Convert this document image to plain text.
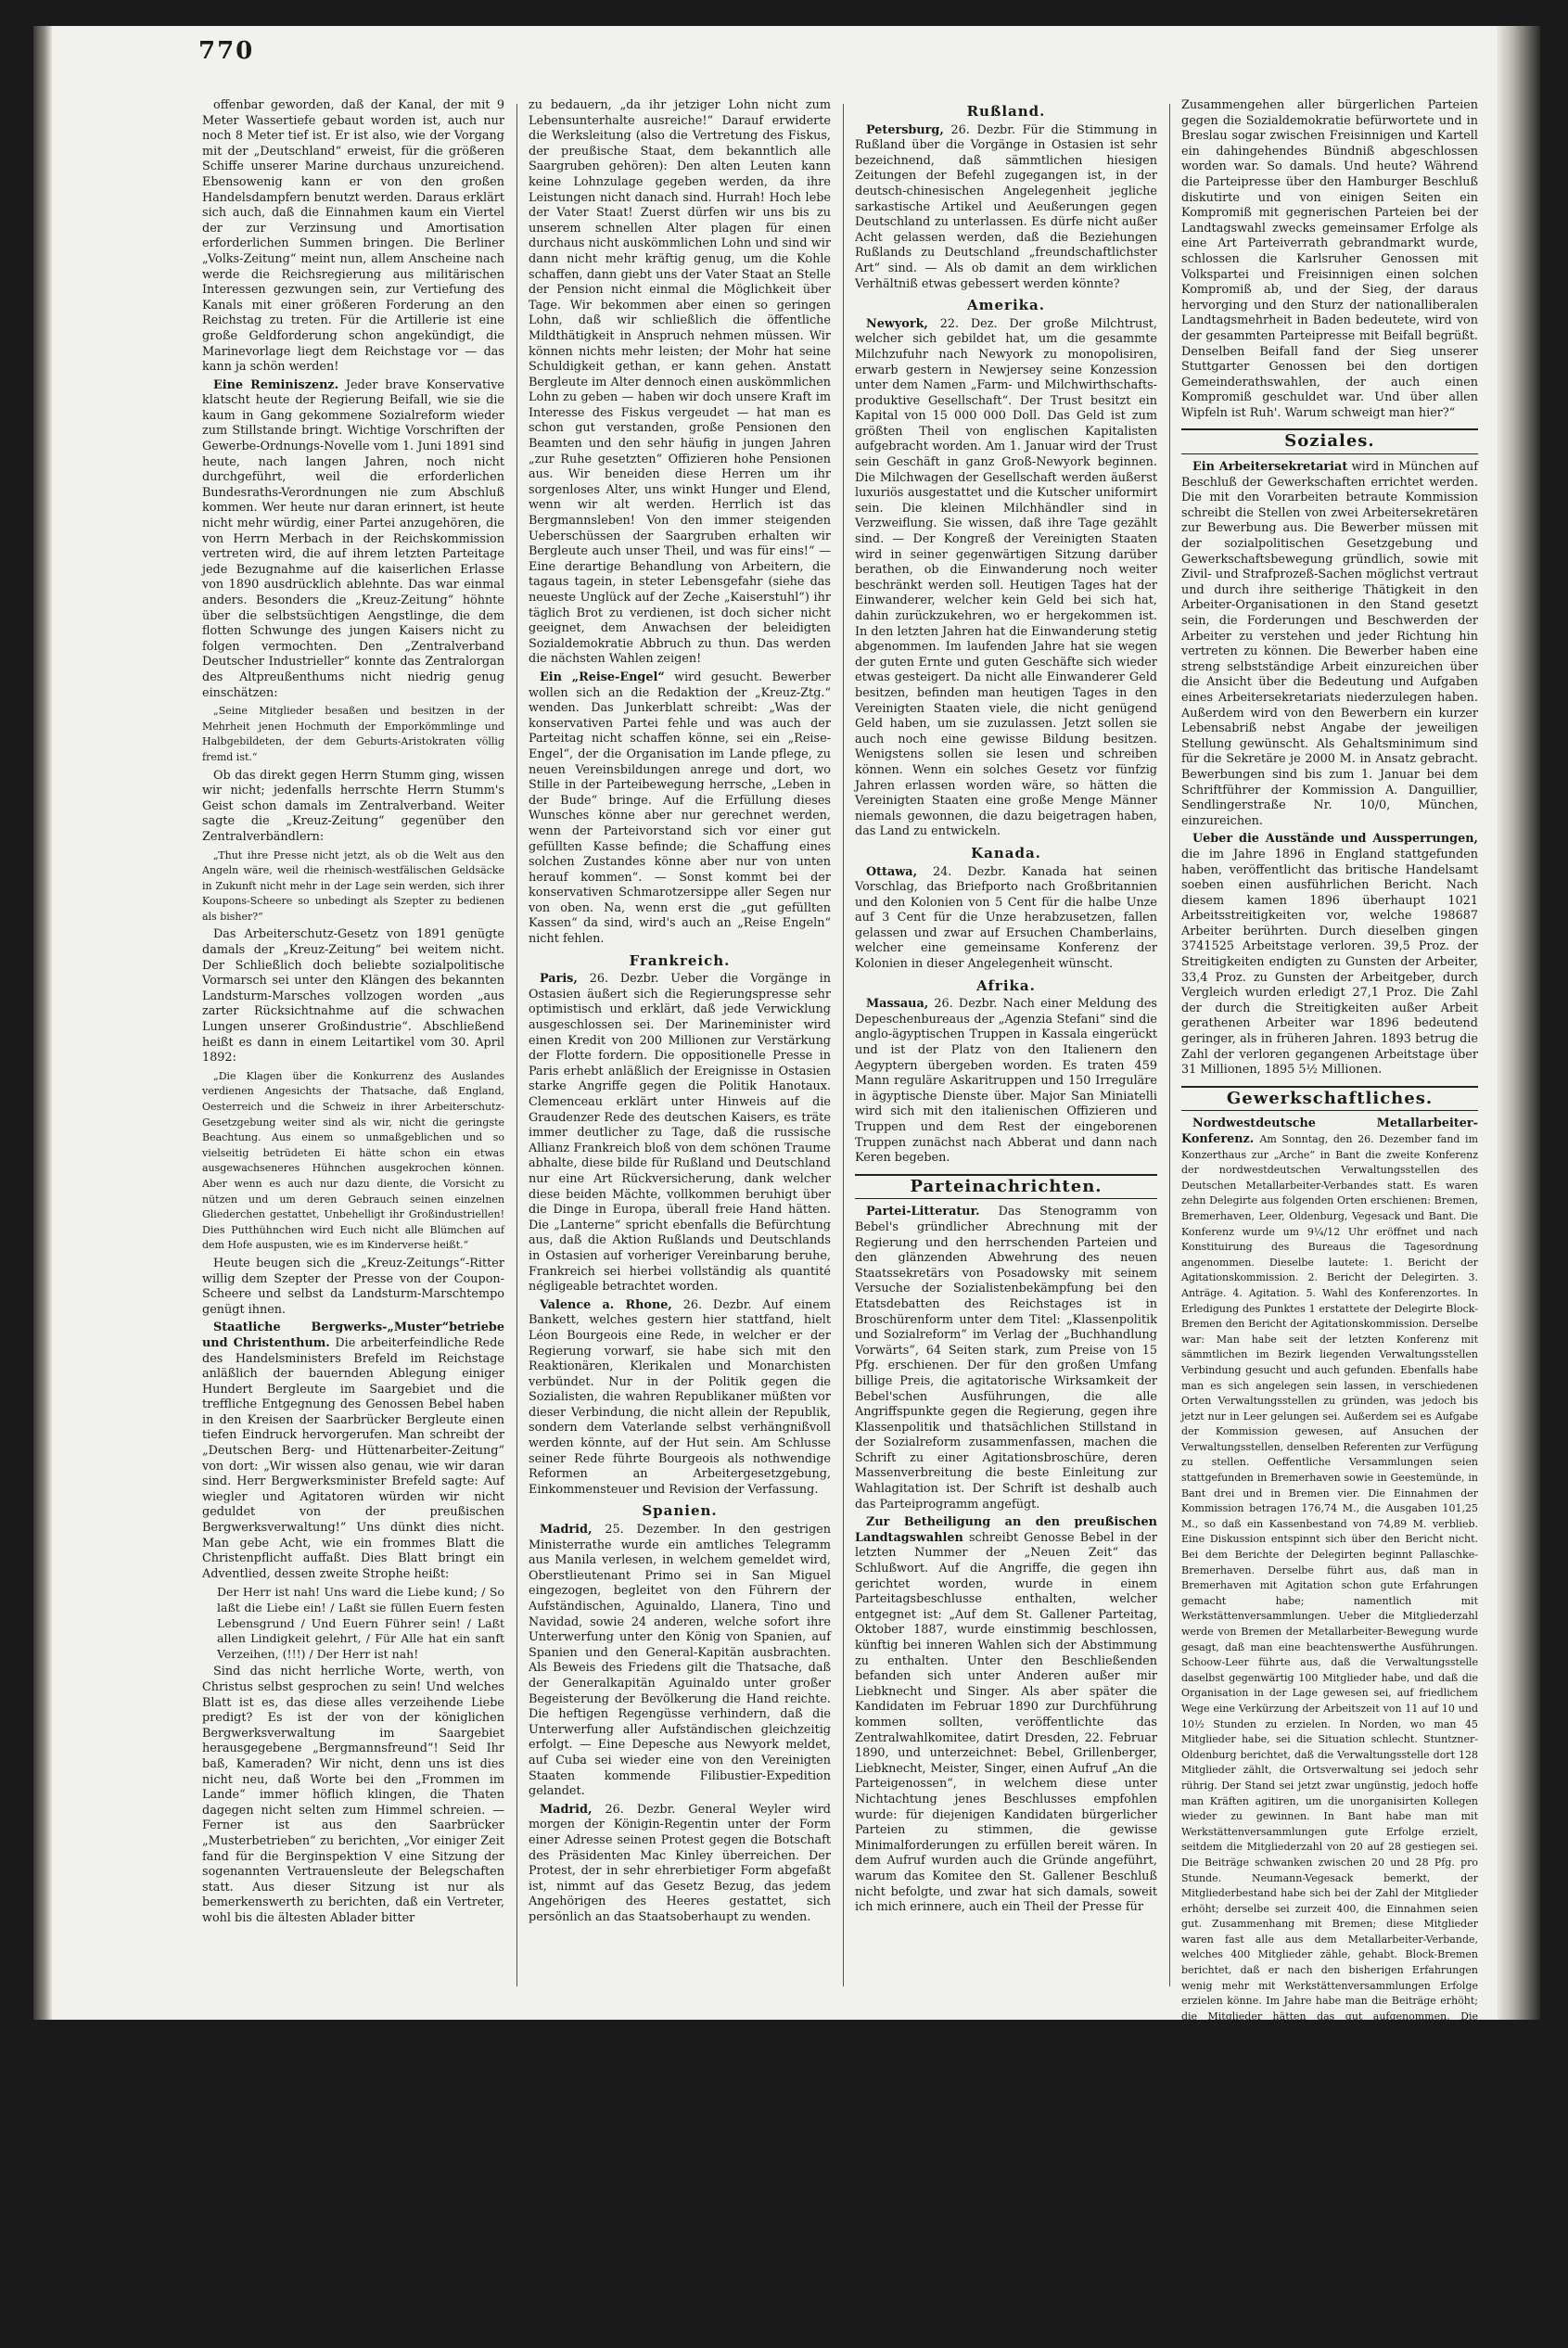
770

offenbar geworden, daß der Kanal, der mit 9 Meter Wassertiefe gebaut worden ist, auch nur noch 8 Meter tief ist. Er ist also, wie der Vorgang mit der „Deutschland“ erweist, für die größeren Schiffe unserer Marine durchaus unzureichend. Ebensowenig kann er von den großen Handelsdampfern benutzt werden. Daraus erklärt sich auch, daß die Einnahmen kaum ein Viertel der zur Verzinsung und Amortisation erforderlichen Summen bringen. Die Berliner „Volks-Zeitung“ meint nun, allem Anscheine nach werde die Reichsregierung aus militärischen Interessen gezwungen sein, zur Vertiefung des Kanals mit einer größeren Forderung an den Reichstag zu treten. Für die Artillerie ist eine große Geldforderung schon angekündigt, die Marinevorlage liegt dem Reichstage vor — das kann ja schön werden!

Eine Reminiszenz. Jeder brave Konservative klatscht heute der Regierung Beifall, wie sie die kaum in Gang gekommene Sozialreform wieder zum Stillstande bringt. Wichtige Vorschriften der Gewerbe-Ordnungs-Novelle vom 1. Juni 1891 sind heute, nach langen Jahren, noch nicht durchgeführt, weil die erforderlichen Bundesraths-Verordnungen nie zum Abschluß kommen. Wer heute nur daran erinnert, ist heute nicht mehr würdig, einer Partei anzugehören, die von Herrn Merbach in der Reichskommission vertreten wird, die auf ihrem letzten Parteitage jede Bezugnahme auf die kaiserlichen Erlasse von 1890 ausdrücklich ablehnte. Das war einmal anders. Besonders die „Kreuz-Zeitung“ höhnte über die selbstsüchtigen Aengstlinge, die dem flotten Schwunge des jungen Kaisers nicht zu folgen vermochten. Den „Zentralverband Deutscher Industrieller“ konnte das Zentralorgan des Altpreußenthums nicht niedrig genug einschätzen:

„Seine Mitglieder besaßen und besitzen in der Mehrheit jenen Hochmuth der Emporkömmlinge und Halbgebildeten, der dem Geburts-Aristokraten völlig fremd ist.“

Ob das direkt gegen Herrn Stumm ging, wissen wir nicht; jedenfalls herrschte Herrn Stumm's Geist schon damals im Zentralverband. Weiter sagte die „Kreuz-Zeitung“ gegenüber den Zentralverbändlern:

„Thut ihre Presse nicht jetzt, als ob die Welt aus den Angeln wäre, weil die rheinisch-westfälischen Geldsäcke in Zukunft nicht mehr in der Lage sein werden, sich ihrer Koupons-Scheere so unbedingt als Szepter zu bedienen als bisher?“

Das Arbeiterschutz-Gesetz von 1891 genügte damals der „Kreuz-Zeitung“ bei weitem nicht. Der Schließlich doch beliebte sozialpolitische Vormarsch sei unter den Klängen des bekannten Landsturm-Marsches vollzogen worden „aus zarter Rücksichtnahme auf die schwachen Lungen unserer Großindustrie“. Abschließend heißt es dann in einem Leitartikel vom 30. April 1892:

„Die Klagen über die Konkurrenz des Auslandes verdienen Angesichts der Thatsache, daß England, Oesterreich und die Schweiz in ihrer Arbeiterschutz-Gesetzgebung weiter sind als wir, nicht die geringste Beachtung. Aus einem so unmaßgeblichen und so vielseitig betrüdeten Ei hätte schon ein etwas ausgewachseneres Hühnchen ausgekrochen können. Aber wenn es auch nur dazu diente, die Vorsicht zu nützen und um deren Gebrauch seinen einzelnen Gliederchen gestattet, Unbehelligt ihr Großindustriellen! Dies Putthühnchen wird Euch nicht alle Blümchen auf dem Hofe auspusten, wie es im Kinderverse heißt.“

Heute beugen sich die „Kreuz-Zeitungs“-Ritter willig dem Szepter der Presse von der Coupon-Scheere und selbst da Landsturm-Marschtempo genügt ihnen.

Staatliche Bergwerks-„Muster“betriebe und Christenthum. Die arbeiterfeindliche Rede des Handelsministers Brefeld im Reichstage anläßlich der bauernden Ablegung einiger Hundert Bergleute im Saargebiet und die treffliche Entgegnung des Genossen Bebel haben in den Kreisen der Saarbrücker Bergleute einen tiefen Eindruck hervorgerufen. Man schreibt der „Deutschen Berg- und Hüttenarbeiter-Zeitung“ von dort: „Wir wissen also genau, wie wir daran sind. Herr Bergwerksminister Brefeld sagte: Auf wiegler und Agitatoren würden wir nicht geduldet von der preußischen Bergwerksverwaltung!“ Uns dünkt dies nicht. Man gebe Acht, wie ein frommes Blatt die Christenpflicht auffaßt. Dies Blatt bringt ein Adventlied, dessen zweite Strophe heißt:

Der Herr ist nah! Uns ward die Liebe kund; / So laßt die Liebe ein! / Laßt sie füllen Euern festen Lebensgrund / Und Euern Führer sein! / Laßt allen Lindigkeit gelehrt, / Für Alle hat ein sanft Verzeihen, (!!!) / Der Herr ist nah!

Sind das nicht herrliche Worte, werth, von Christus selbst gesprochen zu sein! Und welches Blatt ist es, das diese alles verzeihende Liebe predigt? Es ist der von der königlichen Bergwerksverwaltung im Saargebiet herausgegebene „Bergmannsfreund“! Seid Ihr baß, Kameraden? Wir nicht, denn uns ist dies nicht neu, daß Worte bei den „Frommen im Lande“ immer höflich klingen, die Thaten dagegen nicht selten zum Himmel schreien. — Ferner ist aus den Saarbrücker „Musterbetrieben“ zu berichten, „Vor einiger Zeit fand für die Berginspektion V eine Sitzung der sogenannten Vertrauensleute der Belegschaften statt. Aus dieser Sitzung ist nur als bemerkenswerth zu berichten, daß ein Vertreter, wohl bis die ältesten Ablader bitter

zu bedauern, „da ihr jetziger Lohn nicht zum Lebensunterhalte ausreiche!“ Darauf erwiderte die Werksleitung (also die Vertretung des Fiskus, der preußische Staat, dem bekanntlich alle Saargruben gehören): Den alten Leuten kann keine Lohnzulage gegeben werden, da ihre Leistungen nicht danach sind. Hurrah! Hoch lebe der Vater Staat! Zuerst dürfen wir uns bis zu unserem schnellen Alter plagen für einen durchaus nicht auskömmlichen Lohn und sind wir dann nicht mehr kräftig genug, um die Kohle schaffen, dann giebt uns der Vater Staat an Stelle der Pension nicht einmal die Möglichkeit über Tage. Wir bekommen aber einen so geringen Lohn, daß wir schließlich die öffentliche Mildthätigkeit in Anspruch nehmen müssen. Wir können nichts mehr leisten; der Mohr hat seine Schuldigkeit gethan, er kann gehen. Anstatt Bergleute im Alter dennoch einen auskömmlichen Lohn zu geben — haben wir doch unsere Kraft im Interesse des Fiskus vergeudet — hat man es schon gut verstanden, große Pensionen den Beamten und den sehr häufig in jungen Jahren „zur Ruhe gesetzten“ Offizieren hohe Pensionen aus. Wir beneiden diese Herren um ihr sorgenloses Alter, uns winkt Hunger und Elend, wenn wir alt werden. Herrlich ist das Bergmannsleben! Von den immer steigenden Ueberschüssen der Saargruben erhalten wir Bergleute auch unser Theil, und was für eins!“ — Eine derartige Behandlung von Arbeitern, die tagaus tagein, in steter Lebensgefahr (siehe das neueste Unglück auf der Zeche „Kaiserstuhl“) ihr täglich Brot zu verdienen, ist doch sicher nicht geeignet, dem Anwachsen der beleidigten Sozialdemokratie Abbruch zu thun. Das werden die nächsten Wahlen zeigen!

Ein „Reise-Engel“ wird gesucht. Bewerber wollen sich an die Redaktion der „Kreuz-Ztg.“ wenden. Das Junkerblatt schreibt: „Was der konservativen Partei fehle und was auch der Parteitag nicht schaffen könne, sei ein „Reise-Engel“, der die Organisation im Lande pflege, zu neuen Vereinsbildungen anrege und dort, wo Stille in der Parteibewegung herrsche, „Leben in der Bude“ bringe. Auf die Erfüllung dieses Wunsches könne aber nur gerechnet werden, wenn der Parteivorstand sich vor einer gut gefüllten Kasse befinde; die Schaffung eines solchen Zustandes könne aber nur von unten herauf kommen“. — Sonst kommt bei der konservativen Schmarotzersippe aller Segen nur von oben. Na, wenn erst die „gut gefüllten Kassen“ da sind, wird's auch an „Reise Engeln“ nicht fehlen.

Frankreich.

Paris, 26. Dezbr. Ueber die Vorgänge in Ostasien äußert sich die Regierungspresse sehr optimistisch und erklärt, daß jede Verwicklung ausgeschlossen sei. Der Marineminister wird einen Kredit von 200 Millionen zur Verstärkung der Flotte fordern. Die oppositionelle Presse in Paris erhebt anläßlich der Ereignisse in Ostasien starke Angriffe gegen die Politik Hanotaux. Clemenceau erklärt unter Hinweis auf die Graudenzer Rede des deutschen Kaisers, es träte immer deutlicher zu Tage, daß die russische Allianz Frankreich bloß von dem schönen Traume abhalte, diese bilde für Rußland und Deutschland nur eine Art Rückversicherung, dank welcher diese beiden Mächte, vollkommen beruhigt über die Dinge in Europa, überall freie Hand hätten. Die „Lanterne“ spricht ebenfalls die Befürchtung aus, daß die Aktion Rußlands und Deutschlands in Ostasien auf vorheriger Vereinbarung beruhe, Frankreich sei hierbei vollständig als quantité négligeable betrachtet worden.

Valence a. Rhone, 26. Dezbr. Auf einem Bankett, welches gestern hier stattfand, hielt Léon Bourgeois eine Rede, in welcher er der Regierung vorwarf, sie habe sich mit den Reaktionären, Klerikalen und Monarchisten verbündet. Nur in der Politik gegen die Sozialisten, die wahren Republikaner müßten vor dieser Verbindung, die nicht allein der Republik, sondern dem Vaterlande selbst verhängnißvoll werden könnte, auf der Hut sein. Am Schlusse seiner Rede führte Bourgeois als nothwendige Reformen an Arbeitergesetzgebung, Einkommensteuer und Revision der Verfassung.

Spanien.

Madrid, 25. Dezember. In den gestrigen Ministerrathe wurde ein amtliches Telegramm aus Manila verlesen, in welchem gemeldet wird, Oberstlieutenant Primo sei in San Miguel eingezogen, begleitet von den Führern der Aufständischen, Aguinaldo, Llanera, Tino und Navidad, sowie 24 anderen, welche sofort ihre Unterwerfung unter den König von Spanien, auf Spanien und den General-Kapitän ausbrachten. Als Beweis des Friedens gilt die Thatsache, daß der Generalkapitän Aguinaldo unter großer Begeisterung der Bevölkerung die Hand reichte. Die heftigen Regengüsse verhindern, daß die Unterwerfung aller Aufständischen gleichzeitig erfolgt. — Eine Depesche aus Newyork meldet, auf Cuba sei wieder eine von den Vereinigten Staaten kommende Filibustier-Expedition gelandet.

Madrid, 26. Dezbr. General Weyler wird morgen der Königin-Regentin unter der Form einer Adresse seinen Protest gegen die Botschaft des Präsidenten Mac Kinley überreichen. Der Protest, der in sehr ehrerbietiger Form abgefaßt ist, nimmt auf das Gesetz Bezug, das jedem Angehörigen des Heeres gestattet, sich persönlich an das Staatsoberhaupt zu wenden.

Rußland.

Petersburg, 26. Dezbr. Für die Stimmung in Rußland über die Vorgänge in Ostasien ist sehr bezeichnend, daß sämmtlichen hiesigen Zeitungen der Befehl zugegangen ist, in der deutsch-chinesischen Angelegenheit jegliche sarkastische Artikel und Aeußerungen gegen Deutschland zu unterlassen. Es dürfe nicht außer Acht gelassen werden, daß die Beziehungen Rußlands zu Deutschland „freundschaftlichster Art“ sind. — Als ob damit an dem wirklichen Verhältniß etwas gebessert werden könnte?

Amerika.

Newyork, 22. Dez. Der große Milchtrust, welcher sich gebildet hat, um die gesammte Milchzufuhr nach Newyork zu monopolisiren, erwarb gestern in Newjersey seine Konzession unter dem Namen „Farm- und Milchwirthschafts-produktive Gesellschaft“. Der Trust besitzt ein Kapital von 15 000 000 Doll. Das Geld ist zum größten Theil von englischen Kapitalisten aufgebracht worden. Am 1. Januar wird der Trust sein Geschäft in ganz Groß-Newyork beginnen. Die Milchwagen der Gesellschaft werden äußerst luxuriös ausgestattet und die Kutscher uniformirt sein. Die kleinen Milchhändler sind in Verzweiflung. Sie wissen, daß ihre Tage gezählt sind. — Der Kongreß der Vereinigten Staaten wird in seiner gegenwärtigen Sitzung darüber berathen, ob die Einwanderung noch weiter beschränkt werden soll. Heutigen Tages hat der Einwanderer, welcher kein Geld bei sich hat, dahin zurückzukehren, wo er hergekommen ist. In den letzten Jahren hat die Einwanderung stetig abgenommen. Im laufenden Jahre hat sie wegen der guten Ernte und guten Geschäfte sich wieder etwas gesteigert. Da nicht alle Einwanderer Geld besitzen, befinden man heutigen Tages in den Vereinigten Staaten viele, die nicht genügend Geld haben, um sie zuzulassen. Jetzt sollen sie auch noch eine gewisse Bildung besitzen. Wenigstens sollen sie lesen und schreiben können. Wenn ein solches Gesetz vor fünfzig Jahren erlassen worden wäre, so hätten die Vereinigten Staaten eine große Menge Männer niemals gewonnen, die dazu beigetragen haben, das Land zu entwickeln.

Kanada.

Ottawa, 24. Dezbr. Kanada hat seinen Vorschlag, das Briefporto nach Großbritannien und den Kolonien von 5 Cent für die halbe Unze auf 3 Cent für die Unze herabzusetzen, fallen gelassen und zwar auf Ersuchen Chamberlains, welcher eine gemeinsame Konferenz der Kolonien in dieser Angelegenheit wünscht.

Afrika.

Massaua, 26. Dezbr. Nach einer Meldung des Depeschenbureaus der „Agenzia Stefani“ sind die anglo-ägyptischen Truppen in Kassala eingerückt und ist der Platz von den Italienern den Aegyptern übergeben worden. Es traten 459 Mann reguläre Askaritruppen und 150 Irreguläre in ägyptische Dienste über. Major San Miniatelli wird sich mit den italienischen Offizieren und Truppen und dem Rest der eingeborenen Truppen zunächst nach Abberat und dann nach Keren begeben.

Parteinachrichten.

Partei-Litteratur. Das Stenogramm von Bebel's gründlicher Abrechnung mit der Regierung und den herrschenden Parteien und den glänzenden Abwehrung des neuen Staatssekretärs von Posadowsky mit seinem Versuche der Sozialistenbekämpfung bei den Etatsdebatten des Reichstages ist in Broschürenform unter dem Titel: „Klassenpolitik und Sozialreform“ im Verlag der „Buchhandlung Vorwärts“, 64 Seiten stark, zum Preise von 15 Pfg. erschienen. Der für den großen Umfang billige Preis, die agitatorische Wirksamkeit der Bebel'schen Ausführungen, die alle Angriffspunkte gegen die Regierung, gegen ihre Klassenpolitik und thatsächlichen Stillstand in der Sozialreform zusammenfassen, machen die Schrift zu einer Agitationsbroschüre, deren Massenverbreitung die beste Einleitung zur Wahlagitation ist. Der Schrift ist deshalb auch das Parteiprogramm angefügt.

Zur Betheiligung an den preußischen Landtagswahlen schreibt Genosse Bebel in der letzten Nummer der „Neuen Zeit“ das Schlußwort. Auf die Angriffe, die gegen ihn gerichtet worden, wurde in einem Parteitagsbeschlusse enthalten, welcher entgegnet ist: „Auf dem St. Gallener Parteitag, Oktober 1887, wurde einstimmig beschlossen, künftig bei inneren Wahlen sich der Abstimmung zu enthalten. Unter den Beschließenden befanden sich unter Anderen außer mir Liebknecht und Singer. Als aber später die Kandidaten im Februar 1890 zur Durchführung kommen sollten, veröffentlichte das Zentralwahlkomitee, datirt Dresden, 22. Februar 1890, und unterzeichnet: Bebel, Grillenberger, Liebknecht, Meister, Singer, einen Aufruf „An die Parteigenossen“, in welchem diese unter Nichtachtung jenes Beschlusses empfohlen wurde: für diejenigen Kandidaten bürgerlicher Parteien zu stimmen, die gewisse Minimalforderungen zu erfüllen bereit wären. In dem Aufruf wurden auch die Gründe angeführt, warum das Komitee den St. Gallener Beschluß nicht befolgte, und zwar hat sich damals, soweit ich mich erinnere, auch ein Theil der Presse für

Zusammengehen aller bürgerlichen Parteien gegen die Sozialdemokratie befürwortete und in Breslau sogar zwischen Freisinnigen und Kartell ein dahingehendes Bündniß abgeschlossen worden war. So damals. Und heute? Während die Parteipresse über den Hamburger Beschluß diskutirte und von einigen Seiten ein Kompromiß mit gegnerischen Parteien bei der Landtagswahl zwecks gemeinsamer Erfolge als eine Art Parteiverrath gebrandmarkt wurde, schlossen die Karlsruher Genossen mit Volkspartei und Freisinnigen einen solchen Kompromiß ab, und der Sieg, der daraus hervorging und den Sturz der nationalliberalen Landtagsmehrheit in Baden bedeutete, wird von der gesammten Parteipresse mit Beifall begrüßt. Denselben Beifall fand der Sieg unserer Stuttgarter Genossen bei den dortigen Gemeinderathswahlen, der auch einen Kompromiß geschuldet war. Und über allen Wipfeln ist Ruh'. Warum schweigt man hier?“

Soziales.

Ein Arbeitersekretariat wird in München auf Beschluß der Gewerkschaften errichtet werden. Die mit den Vorarbeiten betraute Kommission schreibt die Stellen von zwei Arbeitersekretären zur Bewerbung aus. Die Bewerber müssen mit der sozialpolitischen Gesetzgebung und Gewerkschaftsbewegung gründlich, sowie mit Zivil- und Strafprozeß-Sachen möglichst vertraut und durch ihre seitherige Thätigkeit in den Arbeiter-Organisationen in den Stand gesetzt sein, die Forderungen und Beschwerden der Arbeiter zu verstehen und jeder Richtung hin vertreten zu können. Die Bewerber haben eine streng selbstständige Arbeit einzureichen über die Ansicht über die Bedeutung und Aufgaben eines Arbeitersekretariats niederzulegen haben. Außerdem wird von den Bewerbern ein kurzer Lebensabriß nebst Angabe der jeweiligen Stellung gewünscht. Als Gehaltsminimum sind für die Sekretäre je 2000 M. in Ansatz gebracht. Bewerbungen sind bis zum 1. Januar bei dem Schriftführer der Kommission A. Danguillier, Sendlingerstraße Nr. 10/0, München, einzureichen.

Ueber die Ausstände und Aussperrungen, die im Jahre 1896 in England stattgefunden haben, veröffentlicht das britische Handelsamt soeben einen ausführlichen Bericht. Nach diesem kamen 1896 überhaupt 1021 Arbeitsstreitigkeiten vor, welche 198687 Arbeiter berührten. Durch dieselben gingen 3741525 Arbeitstage verloren. 39,5 Proz. der Streitigkeiten endigten zu Gunsten der Arbeiter, 33,4 Proz. zu Gunsten der Arbeitgeber, durch Vergleich wurden erledigt 27,1 Proz. Die Zahl der durch die Streitigkeiten außer Arbeit gerathenen Arbeiter war 1896 bedeutend geringer, als in früheren Jahren. 1893 betrug die Zahl der verloren gegangenen Arbeitstage über 31 Millionen, 1895 5½ Millionen.

Gewerkschaftliches.

Nordwestdeutsche Metallarbeiter-Konferenz. Am Sonntag, den 26. Dezember fand im Konzerthaus zur „Arche“ in Bant die zweite Konferenz der nordwestdeutschen Verwaltungsstellen des Deutschen Metallarbeiter-Verbandes statt. Es waren zehn Delegirte aus folgenden Orten erschienen: Bremen, Bremerhaven, Leer, Oldenburg, Vegesack und Bant. Die Konferenz wurde um 9¼/12 Uhr eröffnet und nach Konstituirung des Bureaus die Tagesordnung angenommen. Dieselbe lautete: 1. Bericht der Agitationskommission. 2. Bericht der Delegirten. 3. Anträge. 4. Agitation. 5. Wahl des Konferenzortes. In Erledigung des Punktes 1 erstattete der Delegirte Block-Bremen den Bericht der Agitationskommission. Derselbe war: Man habe seit der letzten Konferenz mit sämmtlichen im Bezirk liegenden Verwaltungsstellen Verbindung gesucht und auch gefunden. Ebenfalls habe man es sich angelegen sein lassen, in verschiedenen Orten Verwaltungsstellen zu gründen, was jedoch bis jetzt nur in Leer gelungen sei. Außerdem sei es Aufgabe der Kommission gewesen, auf Ansuchen der Verwaltungsstellen, denselben Referenten zur Verfügung zu stellen. Oeffentliche Versammlungen seien stattgefunden in Bremerhaven sowie in Geestemünde, in Bant drei und in Bremen vier. Die Einnahmen der Kommission betragen 176,74 M., die Ausgaben 101,25 M., so daß ein Kassenbestand von 74,89 M. verblieb. Eine Diskussion entspinnt sich über den Bericht nicht. Bei dem Berichte der Delegirten beginnt Pallaschke-Bremerhaven. Derselbe führt aus, daß man in Bremerhaven mit Agitation schon gute Erfahrungen gemacht habe; namentlich mit Werkstättenversammlungen. Ueber die Mitgliederzahl werde von Bremen der Metallarbeiter-Bewegung wurde gesagt, daß man eine beachtenswerthe Ausführungen. Schoow-Leer führte aus, daß die Verwaltungsstelle daselbst gegenwärtig 100 Mitglieder habe, und daß die Organisation in der Lage gewesen sei, auf friedlichem Wege eine Verkürzung der Arbeitszeit von 11 auf 10 und 10½ Stunden zu erzielen. In Norden, wo man 45 Mitglieder habe, sei die Situation schlecht. Stuntzner-Oldenburg berichtet, daß die Verwaltungsstelle dort 128 Mitglieder zählt, die Ortsverwaltung sei jedoch sehr rührig. Der Stand sei jetzt zwar ungünstig, jedoch hoffe man Kräften agitiren, um die unorganisirten Kollegen wieder zu gewinnen. In Bant habe man mit Werkstättenversammlungen gute Erfolge erzielt, seitdem die Mitgliederzahl von 20 auf 28 gestiegen sei. Die Beiträge schwanken zwischen 20 und 28 Pfg. pro Stunde. Neumann-Vegesack bemerkt, der Mitgliederbestand habe sich bei der Zahl der Mitglieder erhöht; derselbe sei zurzeit 400, die Einnahmen seien gut. Zusammenhang mit Bremen; diese Mitglieder waren fast alle aus dem Metallarbeiter-Verbande, welches 400 Mitglieder zähle, gehabt. Block-Bremen berichtet, daß er nach den bisherigen Erfahrungen wenig mehr mit Werkstättenversammlungen Erfolge erzielen könne. Im Jahre habe man die Beiträge erhöht; die Mitglieder hätten das gut aufgenommen. Die Kassirer der Beiträge seien zufrieden. Der dortige Mitgliederbestand sei 480. Der Delegirte bemerkt noch, daß er den Gewerbeinspektor aufgesucht habe, der 350 Beschwerden entgegengenommen habe. Dieselben seien in den Vorstandsverein zu Bremen als Verein der Hirsch-Dunckerschen Gewerkvereine. Man war der Meinung, daß die Mitglieder in Verbindung mit Werkstättenversammlungen ihrer Interessen vertreten hätten, die gegen einige Vorarbeiter, Werkführer und Vorarbeiter und Meister bei den Werkmeistervereinen des Hirsch-Dunckerschen Gewerkvereins. Der § 152 der Gewerbeordnung wurde dazu benutzt, die Versammlungen gegenüber der Mitglieder aufzuhalten. Ein Antrag wurde von den Mitgliedern der Gewerkvereine angenommen. Redner hat nur angezeigt, daß der Versammlung gegenüber den Mitgliedern bei der Verwaltung erwähnt, welches die Vertreter ihres Verbandes als Mitglieder des D. M.-V. kannten. Diese beiden Vereine haben sich fest durch agitiren, ein Verbandsweg über die Behörde jedoch, in diesen Vertretungen jedoch Redner fand einen Gegenstand.
